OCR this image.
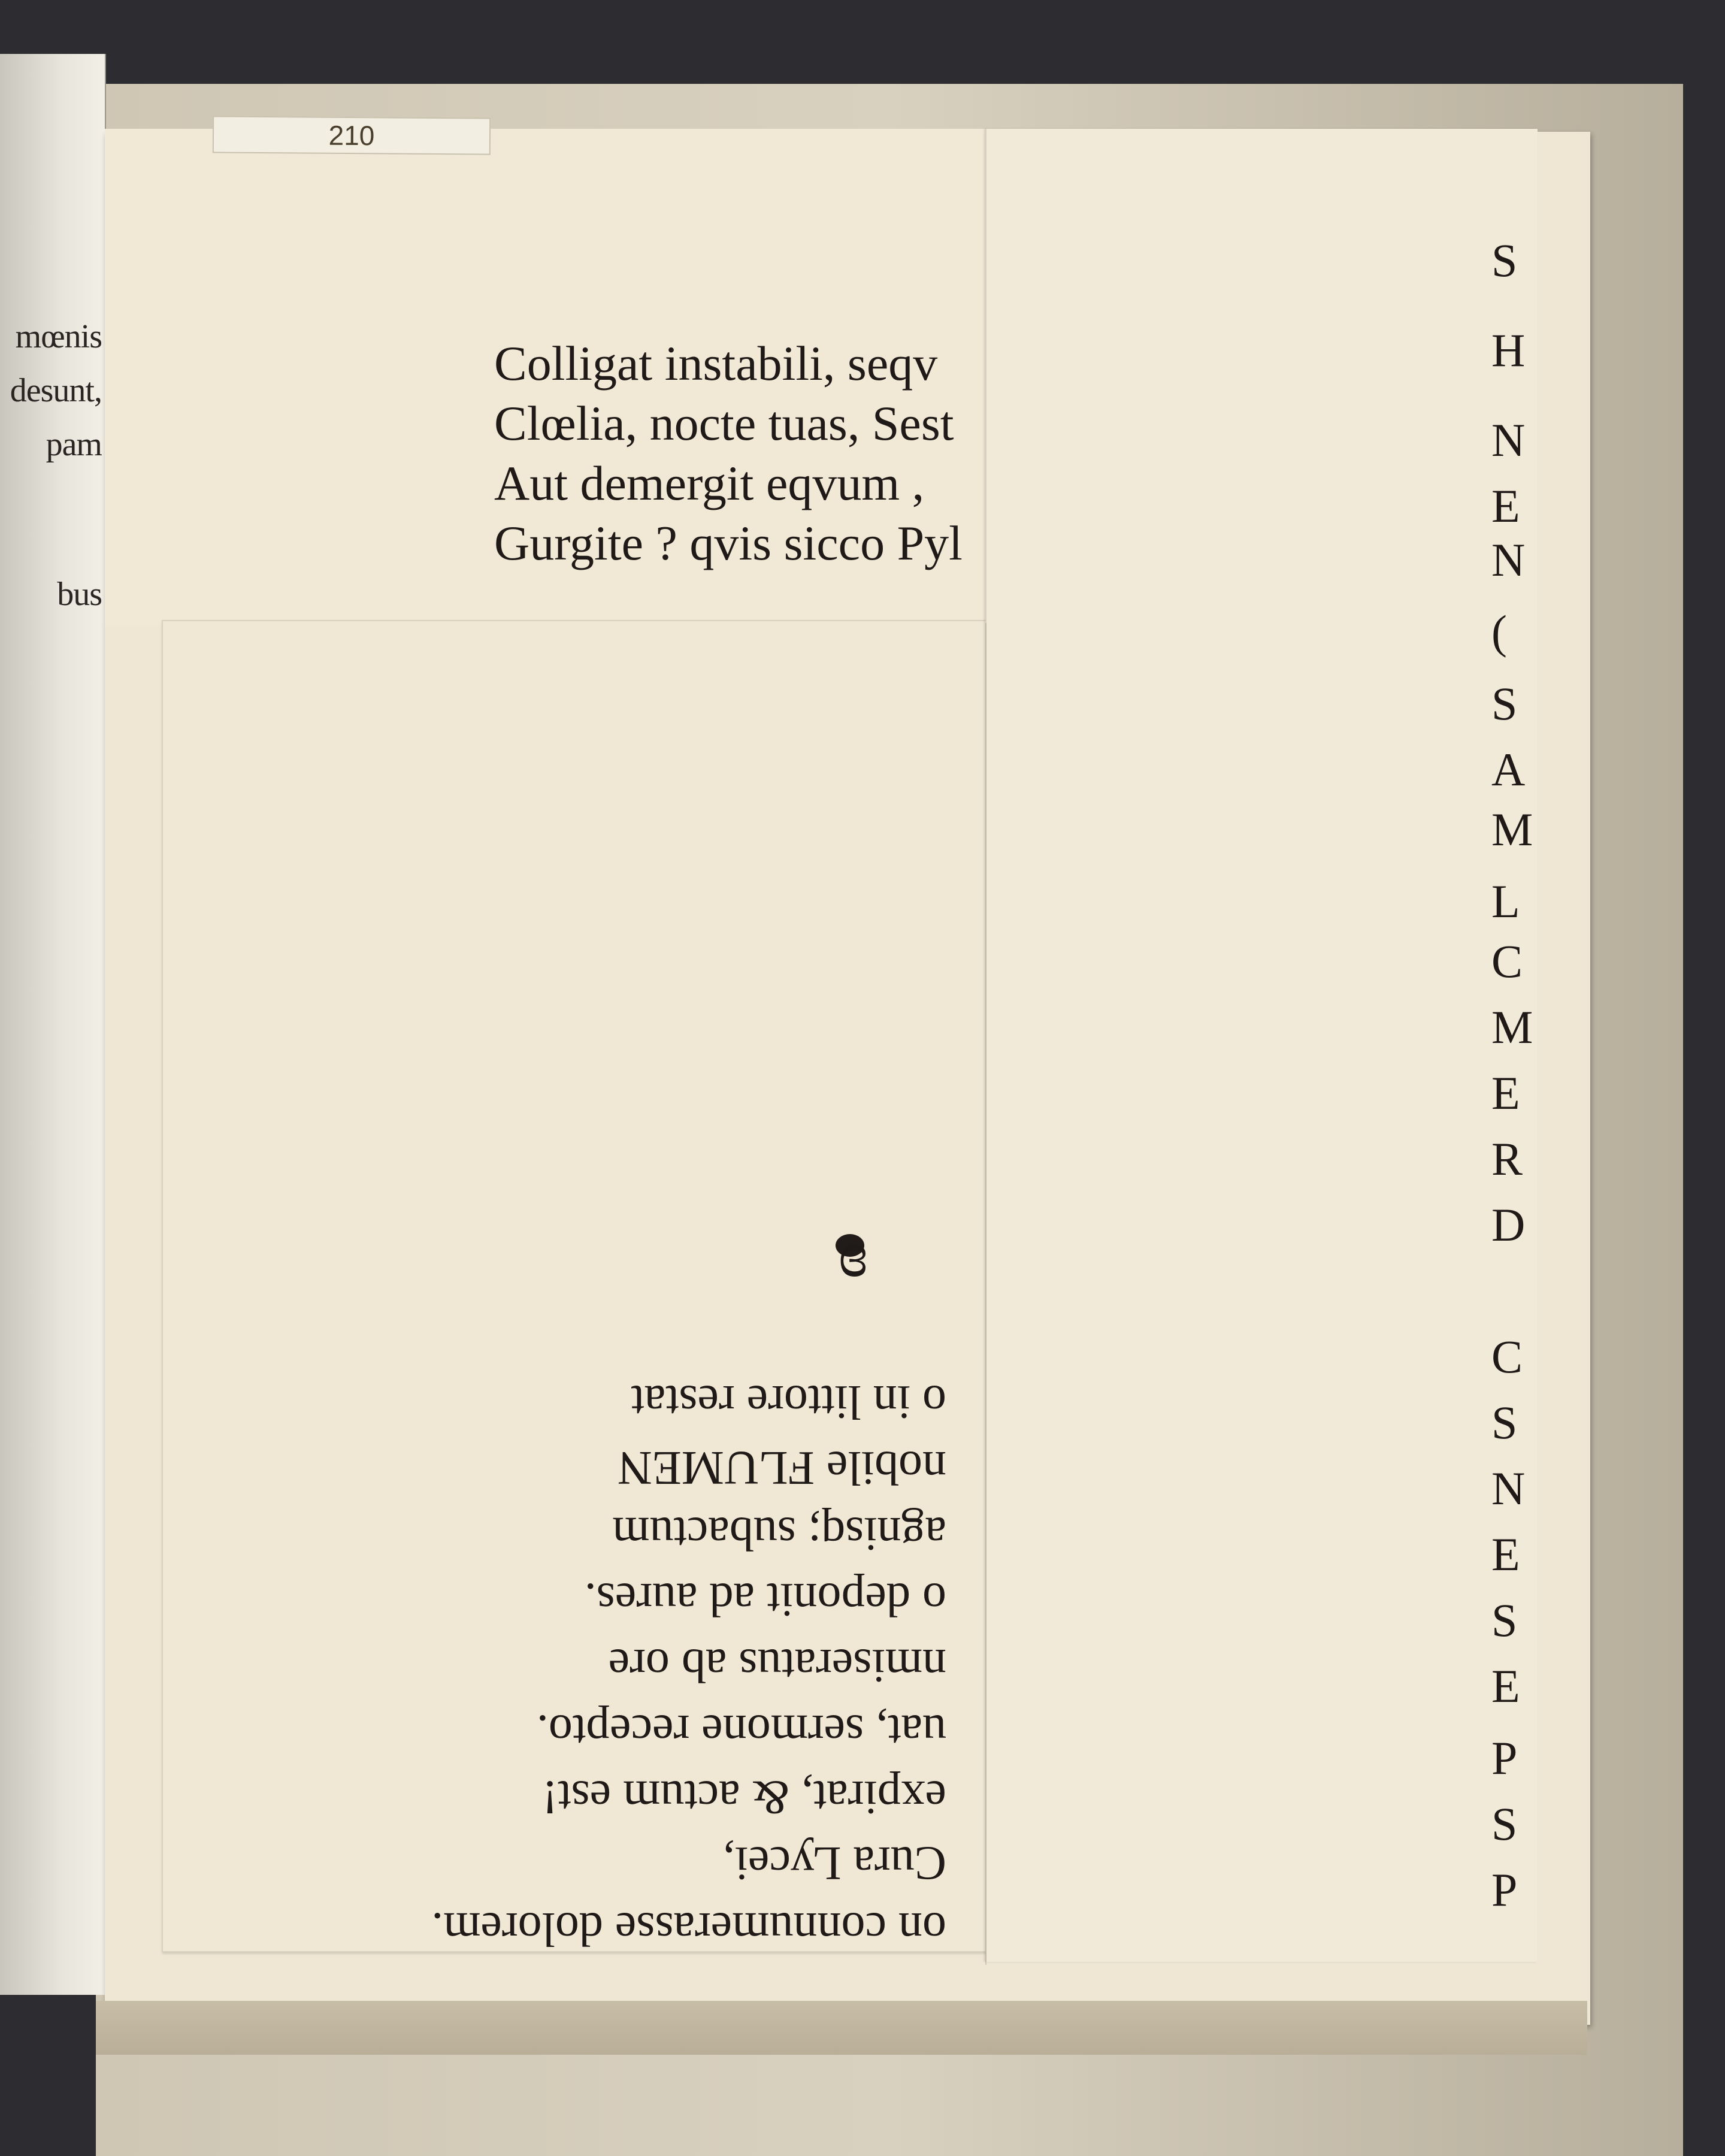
mœnis
desunt,
pam
bus
210
Colligat instabili, seqv
Clœlia, nocte tuas, Sest
Aut demergit eqvum ,
Gurgite ? qvis sicco Pyl
ɞ
on connumerasse dolorem.
Cura Lycei,
expirat, & actum est!
uat, sermone recepto.
nmiseratus ab ore
o deponit ad aures.
agnisq; subactum
nobile FLUMEN
o in littore restat
S
H
N
E
N
(
S
A
M
L
C
M
E
R
D
C
S
N
E
S
E
P
S
P
